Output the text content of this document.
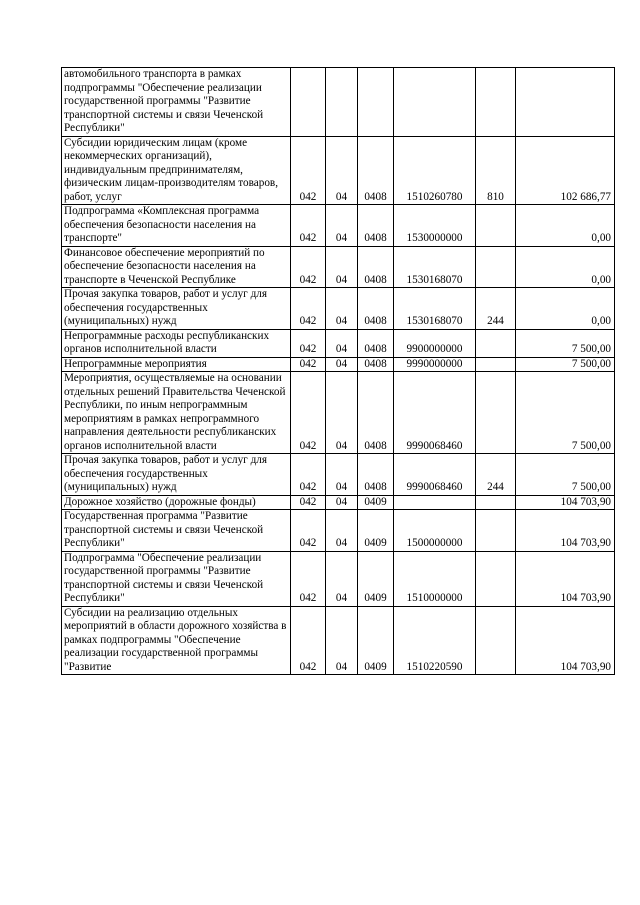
автомобильного транспорта в рамках подпрограммы "Обеспечение реализации государственной программы "Развитие транспортной системы и связи Чеченской Республики"						
Субсидии юридическим лицам (кроме некоммерческих организаций), индивидуальным предпринимателям, физическим лицам-производителям товаров, работ, услуг	042	04	0408	1510260780	810	102 686,77
Подпрограмма «Комплексная программа обеспечения безопасности населения на транспорте"	042	04	0408	1530000000		0,00
Финансовое обеспечение мероприятий по обеспечение безопасности населения на транспорте в Чеченской Республике	042	04	0408	1530168070		0,00
Прочая закупка товаров, работ и услуг для обеспечения государственных (муниципальных) нужд	042	04	0408	1530168070	244	0,00
Непрограммные расходы республиканских органов исполнительной власти	042	04	0408	9900000000		7 500,00
Непрограммные мероприятия	042	04	0408	9990000000		7 500,00
Мероприятия, осуществляемые на основании отдельных решений Правительства Чеченской Республики, по иным непрограммным мероприятиям в рамках непрограммного направления деятельности республиканских органов исполнительной власти	042	04	0408	9990068460		7 500,00
Прочая закупка товаров, работ и услуг для обеспечения государственных (муниципальных) нужд	042	04	0408	9990068460	244	7 500,00
Дорожное хозяйство (дорожные фонды)	042	04	0409			104 703,90
Государственная программа "Развитие транспортной системы и связи Чеченской Республики"	042	04	0409	1500000000		104 703,90
Подпрограмма "Обеспечение реализации государственной программы "Развитие транспортной системы и связи Чеченской Республики"	042	04	0409	1510000000		104 703,90
Субсидии на реализацию отдельных мероприятий в области дорожного хозяйства в рамках подпрограммы "Обеспечение реализации государственной программы "Развитие	042	04	0409	1510220590		104 703,90
